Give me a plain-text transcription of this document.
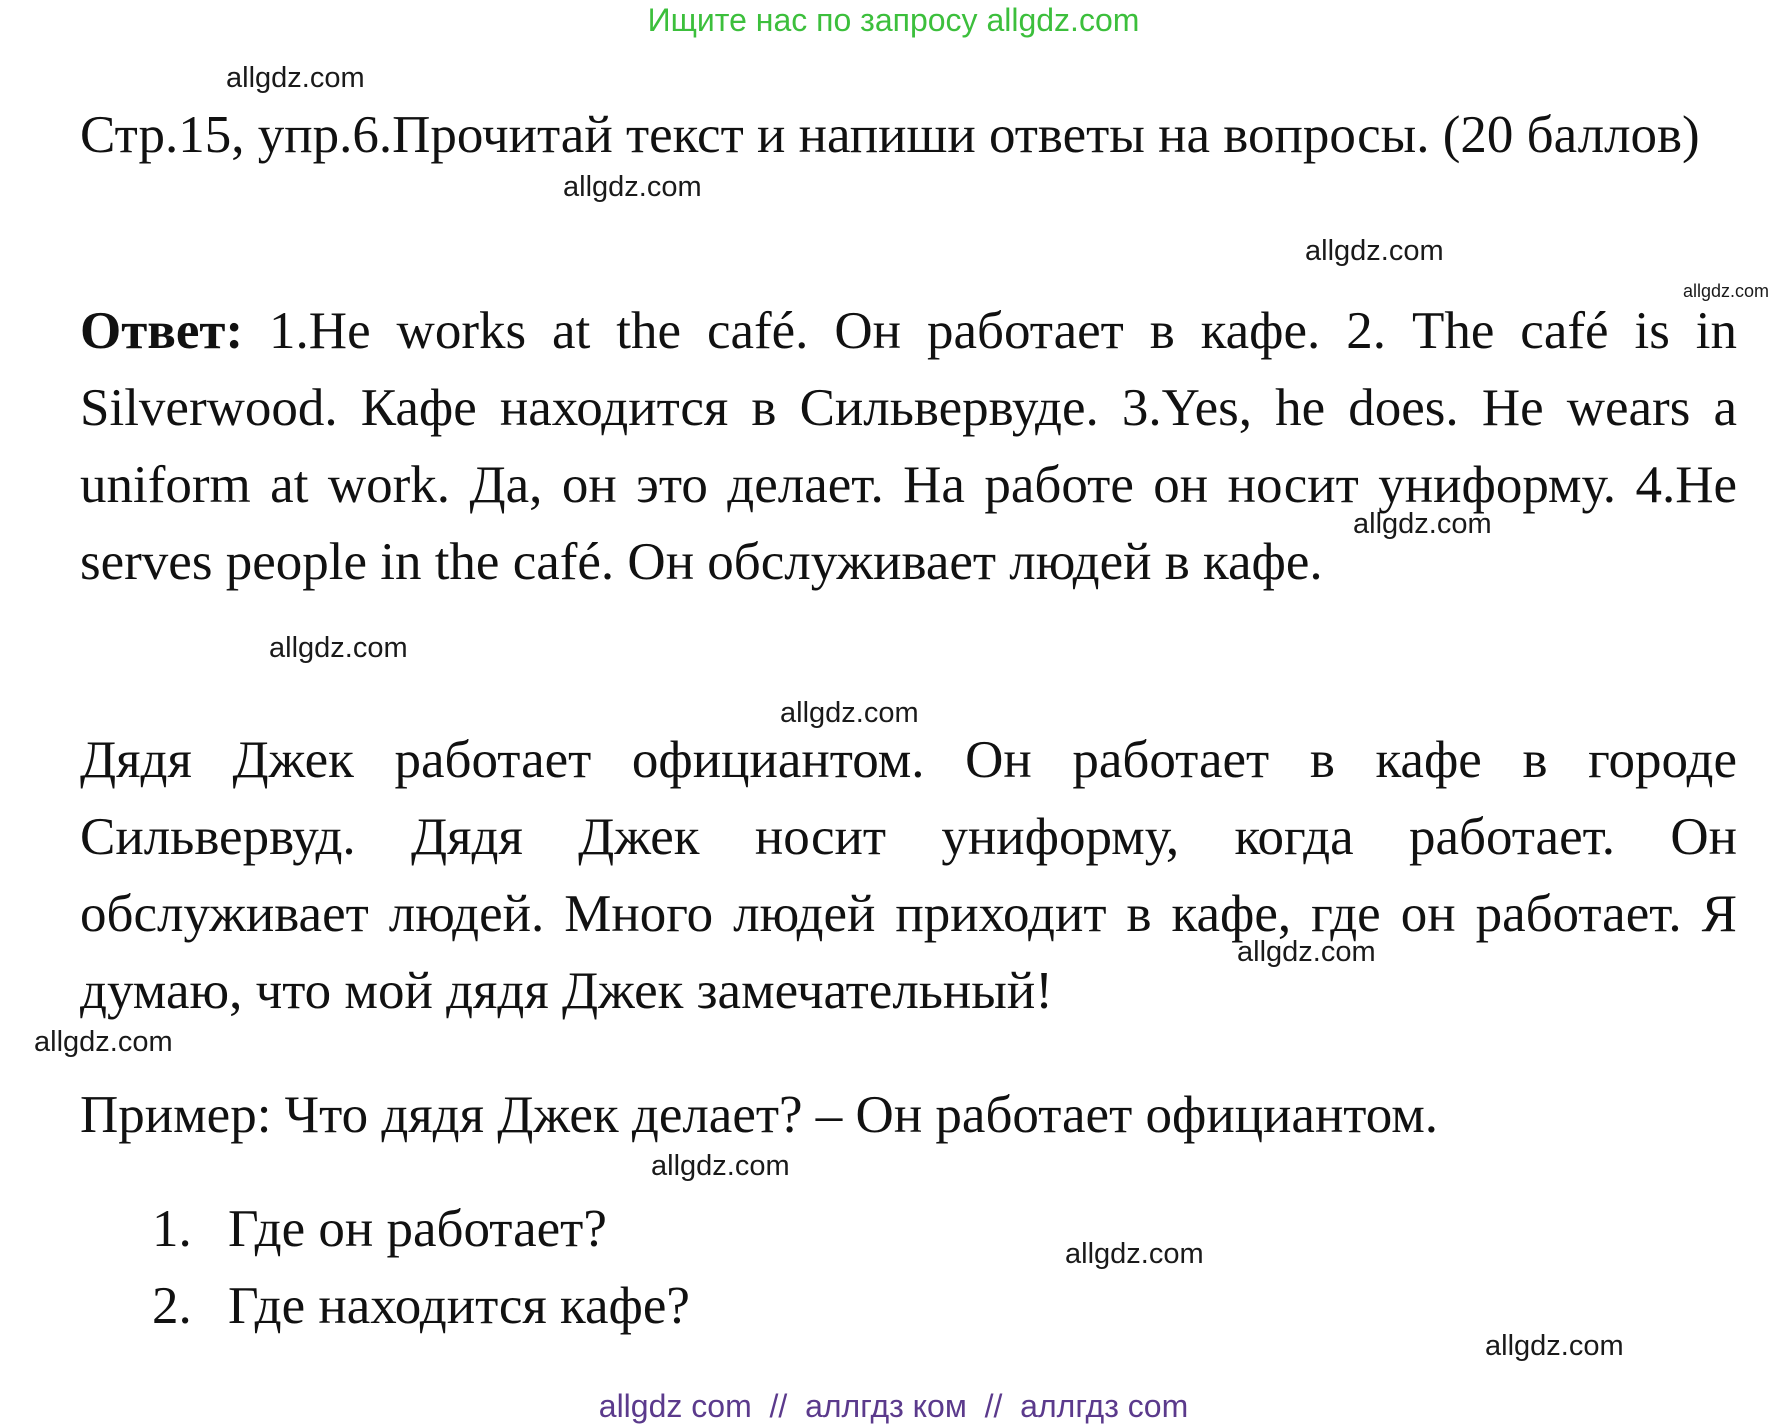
Ищите нас по запросу allgdz.com
allgdz.com
allgdz.com
allgdz.com
allgdz.com
allgdz.com
allgdz.com
allgdz.com
allgdz.com
allgdz.com
allgdz.com
allgdz.com
allgdz.com
Стр.15, упр.6.Прочитай текст и напиши ответы на вопросы. (20 баллов)
Ответ: 1.He works at the café. Он работает в кафе. 2. The café is in Silverwood. Кафе находится в Сильвервуде. 3.Yes, he does. He wears a uniform at work. Да, он это делает. На работе он носит униформу. 4.He serves people in the café. Он обслуживает людей в кафе.
Дядя Джек работает официантом. Он работает в кафе в городе Сильвервуд. Дядя Джек носит униформу, когда работает. Он обслуживает людей. Много людей приходит в кафе, где он работает. Я думаю, что мой дядя Джек замечательный!
Пример: Что дядя Джек делает? – Он работает официантом.
1. Где он работает?
2. Где находится кафе?
allgdz com  //  аллгдз ком  //  аллгдз com
